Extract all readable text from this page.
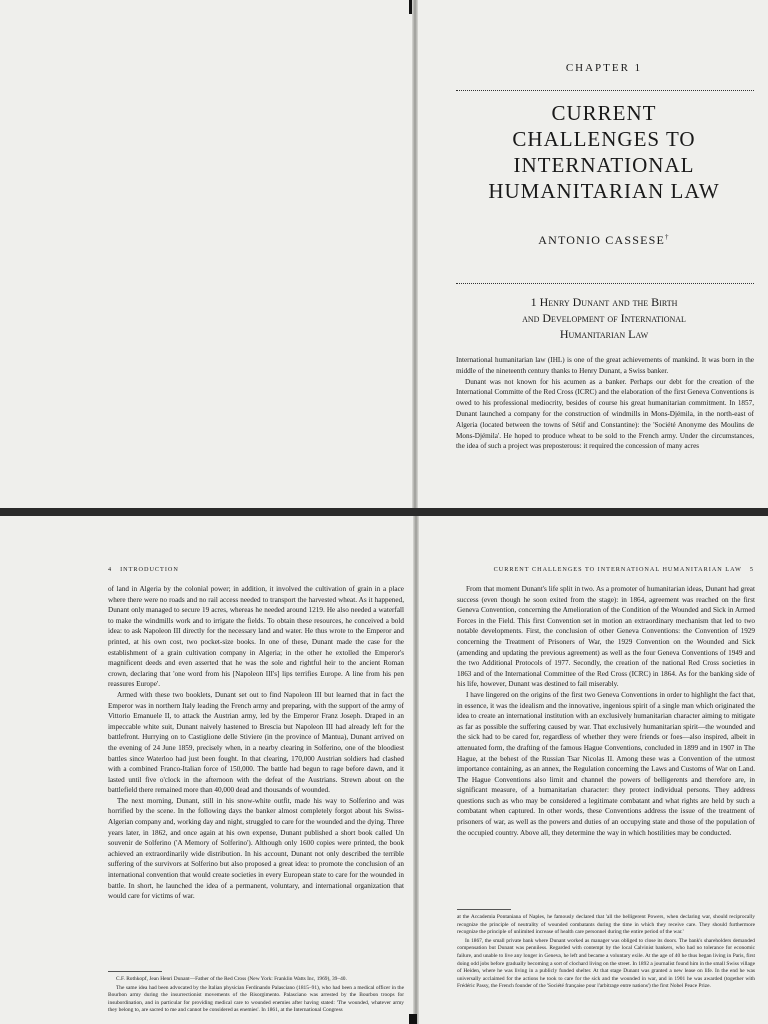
CHAPTER 1
CURRENT
CHALLENGES TO
INTERNATIONAL
HUMANITARIAN LAW
ANTONIO CASSESE†
1 Henry Dunant and the Birth
and Development of International
Humanitarian Law

International humanitarian law (IHL) is one of the great achievements of mankind. It was born in the middle of the nineteenth century thanks to Henry Dunant, a Swiss banker.

Dunant was not known for his acumen as a banker. Perhaps our debt for the creation of the International Committe of the Red Cross (ICRC) and the elaboration of the first Geneva Conventions is owed to his professional mediocrity, besides of course his great humanitarian commitment. In 1857, Dunant launched a company for the construction of windmills in Mons-Djémila, in the north-east of Algeria (located between the towns of Sétif and Constantine): the 'Société Anonyme des Moulins de Mons-Djémila'. He hoped to produce wheat to be sold to the French army. Under the circumstances, the idea of such a project was preposterous: it required the concession of many acres

4 INTRODUCTION	CURRENT CHALLENGES TO INTERNATIONAL HUMANITARIAN LAW 5

of land in Algeria by the colonial power; in addition, it involved the cultivation of grain in a place where there were no roads and no rail access needed to transport the harvested wheat. As it happened, Dunant only managed to secure 19 acres, whereas he needed around 1219. He also needed a waterfall to make the windmills work and to irrigate the fields. To obtain these resources, he conceived a bold idea: to ask Napoleon III directly for the necessary land and water. He thus wrote to the Emperor and printed, at his own cost, two pocket-size books. In one of these, Dunant made the case for the establishment of a grain cultivation company in Algeria; in the other he extolled the Emperor's magnificent deeds and even asserted that he was the sole and rightful heir to the ancient Roman crown, declaring that 'one word from his [Napoleon III's] lips terrifies Europe. A line from his pen reassures Europe'.

Armed with these two booklets, Dunant set out to find Napoleon III but learned that in fact the Emperor was in northern Italy leading the French army and preparing, with the support of the army of Vittorio Emanuele II, to attack the Austrian army, led by the Emperor Franz Joseph. Draped in an impeccable white suit, Dunant naively hastened to Brescia but Napoleon III had already left for the battlefront. Hurrying on to Castiglione delle Stiviere (in the province of Mantua), Dunant arrived on the evening of 24 June 1859, precisely when, in a nearby clearing in Solferino, one of the bloodiest battles since Waterloo had just been fought. In that clearing, 170,000 Austrian soldiers had clashed with a combined Franco-Italian force of 150,000. The battle had begun to rage before dawn, and it lasted until five o'clock in the afternoon with the defeat of the Austrians. Strewn about on the battlefield there remained more than 40,000 dead and thousands of wounded.

The next morning, Dunant, still in his snow-white outfit, made his way to Solferino and was horrified by the scene. In the following days the banker almost completely forgot about his Swiss-Algerian company and, working day and night, struggled to care for the wounded and the dying. Three years later, in 1862, and once again at his own expense, Dunant published a short book called Un souvenir de Solferino ('A Memory of Solferino'). Although only 1600 copies were printed, the book achieved an extraordinarily wide distribution. In his account, Dunant not only described the terrible suffering of the survivors at Solferino but also proposed a great idea: to promote the conclusion of an international convention that would create societies in every European state to care for the wounded in battle. In short, he launched the idea of a permanent, voluntary, and international organization that would care for victims of war.

From that moment Dunant's life split in two. As a promoter of humanitarian ideas, Dunant had great success (even though he soon exited from the stage): in 1864, agreement was reached on the first Geneva Convention, concerning the Amelioration of the Condition of the Wounded and Sick in Armed Forces in the Field. This first Convention set in motion an extraordinary mechanism that led to two notable developments. First, the conclusion of other Geneva Conventions: the Convention of 1929 concerning the Treatment of Prisoners of War, the 1929 Convention on the Wounded and Sick (amending and updating the previous agreement) as well as the four Geneva Conventions of 1949 and the two Additional Protocols of 1977. Secondly, the creation of the national Red Cross societies in 1863 and of the International Committee of the Red Cross (ICRC) in 1864. As for the banking side of his life, however, Dunant was destined to fail miserably.

I have lingered on the origins of the first two Geneva Conventions in order to highlight the fact that, in essence, it was the idealism and the innovative, ingenious spirit of a single man which originated the idea to create an international institution with an exclusively humanitarian character aiming to mitigate as far as possible the suffering caused by war. That exclusively humanitarian spirit—the wounded and the sick had to be cared for, regardless of whether they were friends or foes—also inspired, albeit in attenuated form, the drafting of the famous Hague Conventions, concluded in 1899 and in 1907 in The Hague, at the behest of the Russian Tsar Nicolas II. Among these was a Convention of the utmost importance containing, as an annex, the Regulation concerning the Laws and Customs of War on Land. The Hague Conventions also limit and channel the powers of belligerents and therefore are, in significant measure, of a humanitarian character: they protect individual persons. They address questions such as who may be considered a legitimate combatant and what rights are held by such a combatant when captured. In other words, these Conventions address the issue of the treatment of prisoners of war, as well as the powers and duties of an occupying state and those of the population of the occupied country. Above all, they determine the way in which hostilities may be conducted.

C.F. Rothkopf, Jean Henri Dunant—Father of the Red Cross (New York: Franklin Watts Inc, 1969), 39–40.

The same idea had been advocated by the Italian physician Ferdinando Palasciano (1815–91), who had been a medical officer in the Bourbon army during the insurrectionist movements of the Risorgimento. Palasciano was arrested by the Bourbon troops for insubordination, and in particular for providing medical care to wounded enemies after having stated: 'The wounded, whatever army they belong to, are sacred to me and cannot be considered as enemies'. In 1861, at the International Congress

at the Accademia Pontaniana of Naples, he famously declared that 'all the belligerent Powers, when declaring war, should reciprocally recognize the principle of neutrality of wounded combatants during the time in which they receive care. They should furthermore recognize the principle of unlimited increase of health care personnel during the entire period of the war.'

In 1867, the small private bank where Dunant worked as manager was obliged to close its doors. The bank's shareholders demanded compensation but Dunant was penniless. Regarded with contempt by the local Calvinist bankers, who had no tolerance for economic failure, and unable to live any longer in Geneva, he left and became a voluntary exile. At the age of 40 he thus began living in Paris, first doing odd jobs before gradually becoming a sort of clochard living on the street. In 1892 a journalist found him in the small Swiss village of Heiden, where he was living in a publicly funded shelter. At that stage Dunant was granted a new lease on life. In the end he was universally acclaimed for the actions he took to care for the sick and the wounded in war, and in 1901 he was awarded (together with Frédéric Passy, the French founder of the 'Société française pour l'arbitrage entre nations') the first Nobel Peace Prize.
